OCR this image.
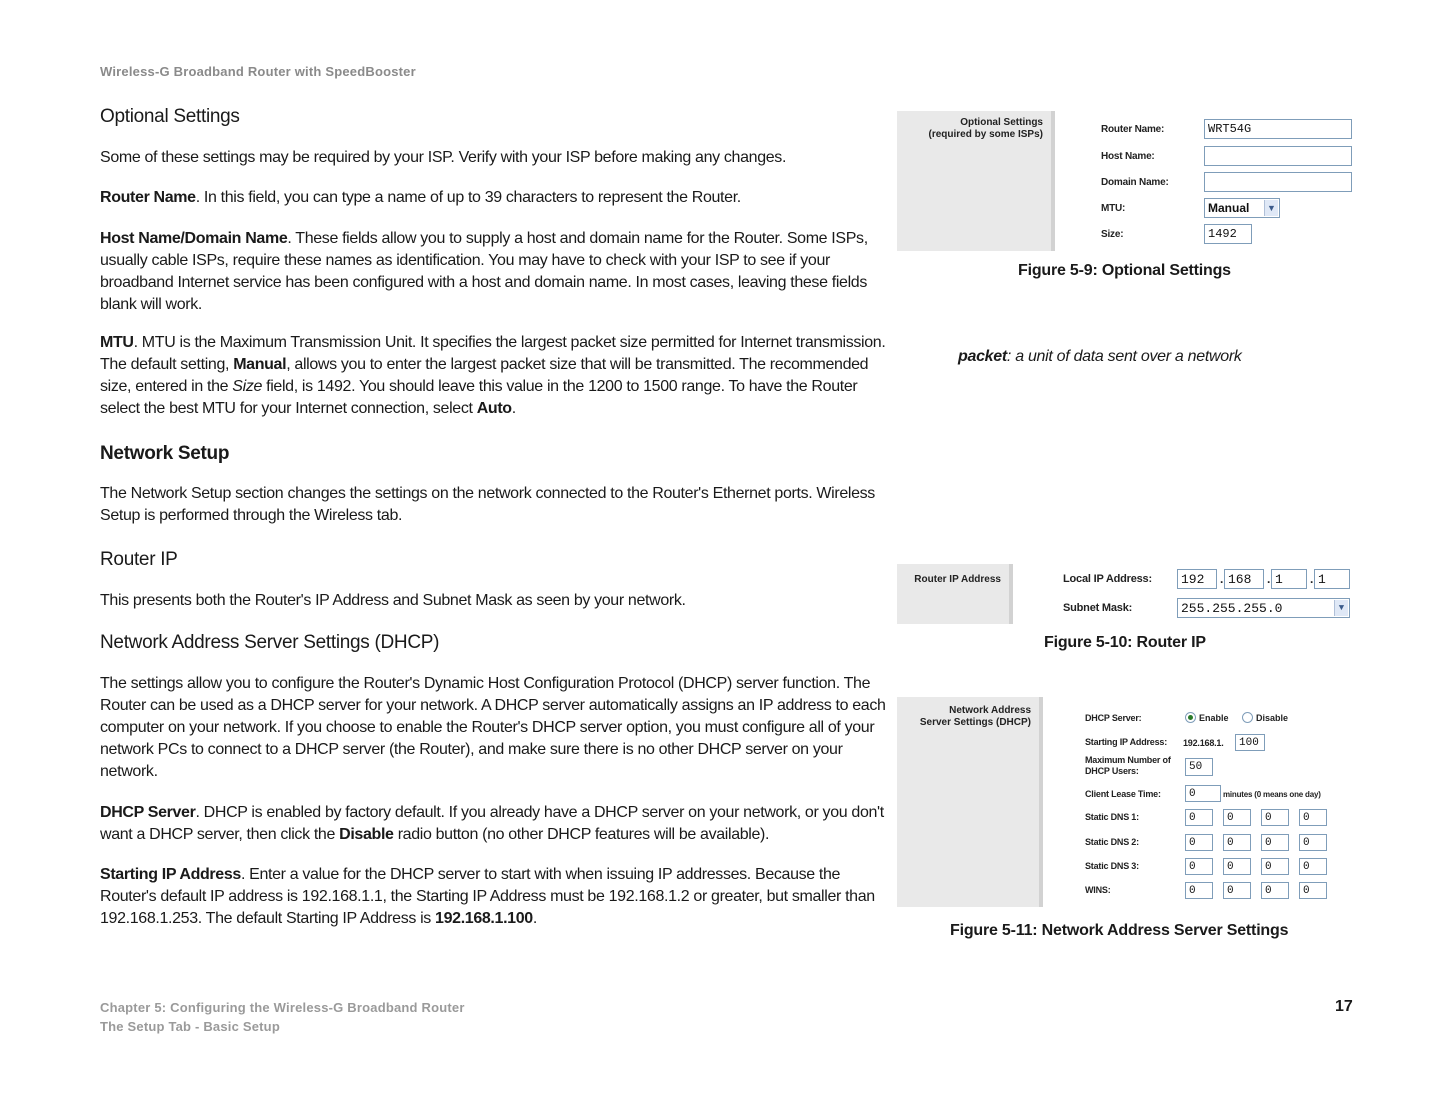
Wireless-G Broadband Router with SpeedBooster
Optional Settings
Some of these settings may be required by your ISP. Verify with your ISP before making any changes.
Router Name. In this field, you can type a name of up to 39 characters to represent the Router.
Host Name/Domain Name. These fields allow you to supply a host and domain name for the Router. Some ISPs, usually cable ISPs, require these names as identification. You may have to check with your ISP to see if your broadband Internet service has been configured with a host and domain name. In most cases, leaving these fields blank will work.
MTU. MTU is the Maximum Transmission Unit. It specifies the largest packet size permitted for Internet transmission. The default setting, Manual, allows you to enter the largest packet size that will be transmitted. The recommended size, entered in the Size field, is 1492. You should leave this value in the 1200 to 1500 range. To have the Router select the best MTU for your Internet connection, select Auto.
Network Setup
The Network Setup section changes the settings on the network connected to the Router's Ethernet ports. Wireless Setup is performed through the Wireless tab.
Router IP
This presents both the Router's IP Address and Subnet Mask as seen by your network.
Network Address Server Settings (DHCP)
The settings allow you to configure the Router's Dynamic Host Configuration Protocol (DHCP) server function. The Router can be used as a DHCP server for your network. A DHCP server automatically assigns an IP address to each computer on your network. If you choose to enable the Router's DHCP server option, you must configure all of your network PCs to connect to a DHCP server (the Router), and make sure there is no other DHCP server on your network.
DHCP Server. DHCP is enabled by factory default. If you already have a DHCP server on your network, or you don't want a DHCP server, then click the Disable radio button (no other DHCP features will be available).
Starting IP Address. Enter a value for the DHCP server to start with when issuing IP addresses. Because the Router's default IP address is 192.168.1.1, the Starting IP Address must be 192.168.1.2 or greater, but smaller than 192.168.1.253. The default Starting IP Address is 192.168.1.100.
Optional Settings
(required by some ISPs)	Router Name:	WRT54G
Host Name:
Domain Name:
MTU:	Manual	▼
Size:	1492
Figure 5-9: Optional Settings
packet: a unit of data sent over a network
Router IP Address	Local IP Address:	192	. 168	. 1	. 1
Subnet Mask:	255.255.255.0	▼
Figure 5-10: Router IP
Network Address
Server Settings (DHCP)	DHCP Server:	Enable	Disable
Starting IP Address: 192.168.1.	100
Maximum Number of
DHCP Users:	50
Client Lease Time:	0	minutes (0 means one day)
Static DNS 1:	0	0	0	0
Static DNS 2:	0	0	0	0
Static DNS 3:	0	0	0	0
WINS:	0	0	0	0
Figure 5-11: Network Address Server Settings
Chapter 5: Configuring the Wireless-G Broadband Router
The Setup Tab - Basic Setup
17
